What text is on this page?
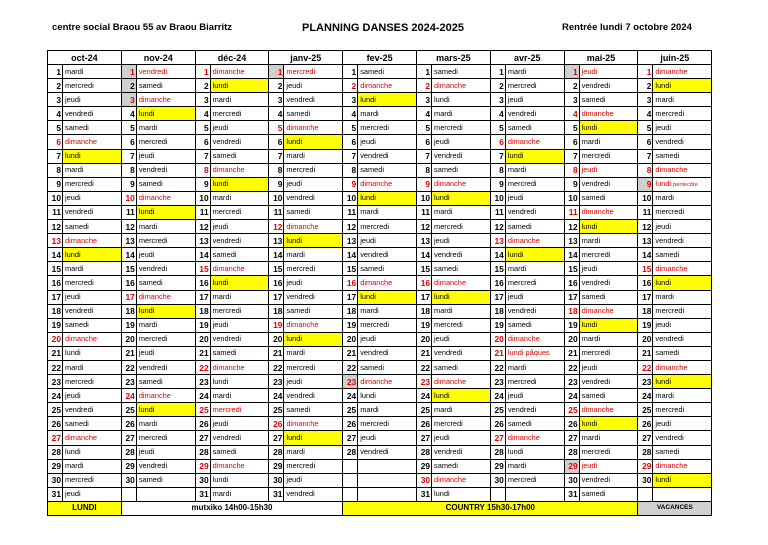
centre social Braou 55 av Braou Biarritz	PLANNING DANSES 2024-2025	Rentrée lundi 7 octobre 2024
oct-24		nov-24		déc-24		janv-25		fev-25		mars-25		avr-25		mai-25		juin-25	
1	mardi	1	vendredi	1	dimanche	1	mercredi	1	samedi	1	samedi	1	mardi	1	jeudi	1	dimanche
2	mercredi	2	samedi	2	lundi	2	jeudi	2	dimanche	2	dimanche	2	mercredi	2	vendredi	2	lundi
3	jeudi	3	dimanche	3	mardi	3	vendredi	3	lundi	3	lundi	3	jeudi	3	samedi	3	mardi
4	vendredi	4	lundi	4	mercredi	4	samedi	4	mardi	4	mardi	4	vendredi	4	dimanche	4	mercredi
5	samedi	5	mardi	5	jeudi	5	dimanche	5	mercredi	5	mercredi	5	samedi	5	lundi	5	jeudi
6	dimanche	6	mercredi	6	vendredi	6	lundi	6	jeudi	6	jeudi	6	dimanche	6	mardi	6	vendredi
7	lundi	7	jeudi	7	samedi	7	mardi	7	vendredi	7	vendredi	7	lundi	7	mercredi	7	samedi
8	mardi	8	vendredi	8	dimanche	8	mercredi	8	samedi	8	samedi	8	mardi	8	jeudi	8	dimanche
9	mercredi	9	samedi	9	lundi	9	jeudi	9	dimanche	9	dimanche	9	mercredi	9	vendredi	9	lundi pentecôte
10	jeudi	10	dimanche	10	mardi	10	vendredi	10	lundi	10	lundi	10	jeudi	10	samedi	10	mardi
11	vendredi	11	lundi	11	mercredi	11	samedi	11	mardi	11	mardi	11	vendredi	11	dimanche	11	mercredi
12	samedi	12	mardi	12	jeudi	12	dimanche	12	mercredi	12	mercredi	12	samedi	12	lundi	12	jeudi
13	dimanche	13	mercredi	13	vendredi	13	lundi	13	jeudi	13	jeudi	13	dimanche	13	mardi	13	vendredi
14	lundi	14	jeudi	14	samedi	14	mardi	14	vendredi	14	vendredi	14	lundi	14	mercredi	14	samedi
15	mardi	15	vendredi	15	dimanche	15	mercredi	15	samedi	15	samedi	15	mardi	15	jeudi	15	dimanche
16	mercredi	16	samedi	16	lundi	16	jeudi	16	dimanche	16	dimanche	16	mercredi	16	vendredi	16	lundi
17	jeudi	17	dimanche	17	mardi	17	vendredi	17	lundi	17	lundi	17	jeudi	17	samedi	17	mardi
18	vendredi	18	lundi	18	mercredi	18	samedi	18	mardi	18	mardi	18	vendredi	18	dimanche	18	mercredi
19	samedi	19	mardi	19	jeudi	19	dimanche	19	mercredi	19	mercredi	19	samedi	19	lundi	19	jeudi
20	dimanche	20	mercredi	20	vendredi	20	lundi	20	jeudi	20	jeudi	20	dimanche	20	mardi	20	vendredi
21	lundi	21	jeudi	21	samedi	21	mardi	21	vendredi	21	vendredi	21	lundi pâques	21	mercredi	21	samedi
22	mardi	22	vendredi	22	dimanche	22	mercredi	22	samedi	22	samedi	22	mardi	22	jeudi	22	dimanche
23	mercredi	23	samedi	23	lundi	23	jeudi	23	dimanche	23	dimanche	23	mercredi	23	vendredi	23	lundi
24	jeudi	24	dimanche	24	mardi	24	vendredi	24	lundi	24	lundi	24	jeudi	24	samedi	24	mardi
25	vendredi	25	lundi	25	mercredi	25	samedi	25	mardi	25	mardi	25	vendredi	25	dimanche	25	mercredi
26	samedi	26	mardi	26	jeudi	26	dimanche	26	mercredi	26	mercredi	26	samedi	26	lundi	26	jeudi
27	dimanche	27	mercredi	27	vendredi	27	lundi	27	jeudi	27	jeudi	27	dimanche	27	mardi	27	vendredi
28	lundi	28	jeudi	28	samedi	28	mardi	28	vendredi	28	vendredi	28	lundi	28	mercredi	28	samedi
29	mardi	29	vendredi	29	dimanche	29	mercredi			29	samedi	29	mardi	29	jeudi	29	dimanche
30	mercredi	30	samedi	30	lundi	30	jeudi			30	dimanche	30	mercredi	30	vendredi	30	lundi
31	jeudi			31	mardi	31	vendredi			31	lundi			31	samedi		
LUNDI		mutxiko 14h00-15h30						COUNTRY 15h30-17h00								VACANCES	
